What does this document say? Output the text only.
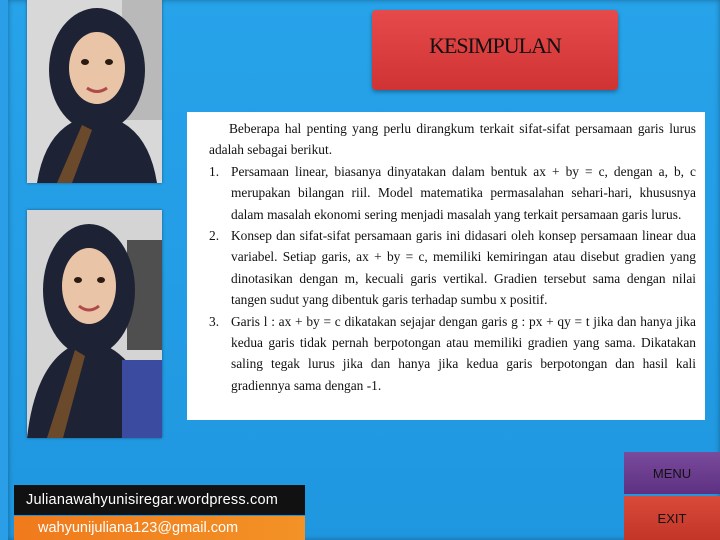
KESIMPULAN

Beberapa hal penting yang perlu dirangkum terkait sifat-sifat persamaan garis lurus adalah sebagai berikut.

1. Persamaan linear, biasanya dinyatakan dalam bentuk ax + by = c, dengan a, b, c merupakan bilangan riil. Model matematika permasalahan sehari-hari, khususnya dalam masalah ekonomi sering menjadi masalah yang terkait persamaan garis lurus.
2. Konsep dan sifat-sifat persamaan garis ini didasari oleh konsep persamaan linear dua variabel. Setiap garis, ax + by = c, memiliki kemiringan atau disebut gradien yang dinotasikan dengan m, kecuali garis vertikal. Gradien tersebut sama dengan nilai tangen sudut yang dibentuk garis terhadap sumbu x positif.
3. Garis l : ax + by = c dikatakan sejajar dengan garis g : px + qy = t jika dan hanya jika kedua garis tidak pernah berpotongan atau memiliki gradien yang sama. Dikatakan saling tegak lurus jika dan hanya jika kedua garis berpotongan dan hasil kali gradiennya sama dengan -1.
MENU
EXIT
Julianawahyunisiregar.wordpress.com
wahyunijuliana123@gmail.com
